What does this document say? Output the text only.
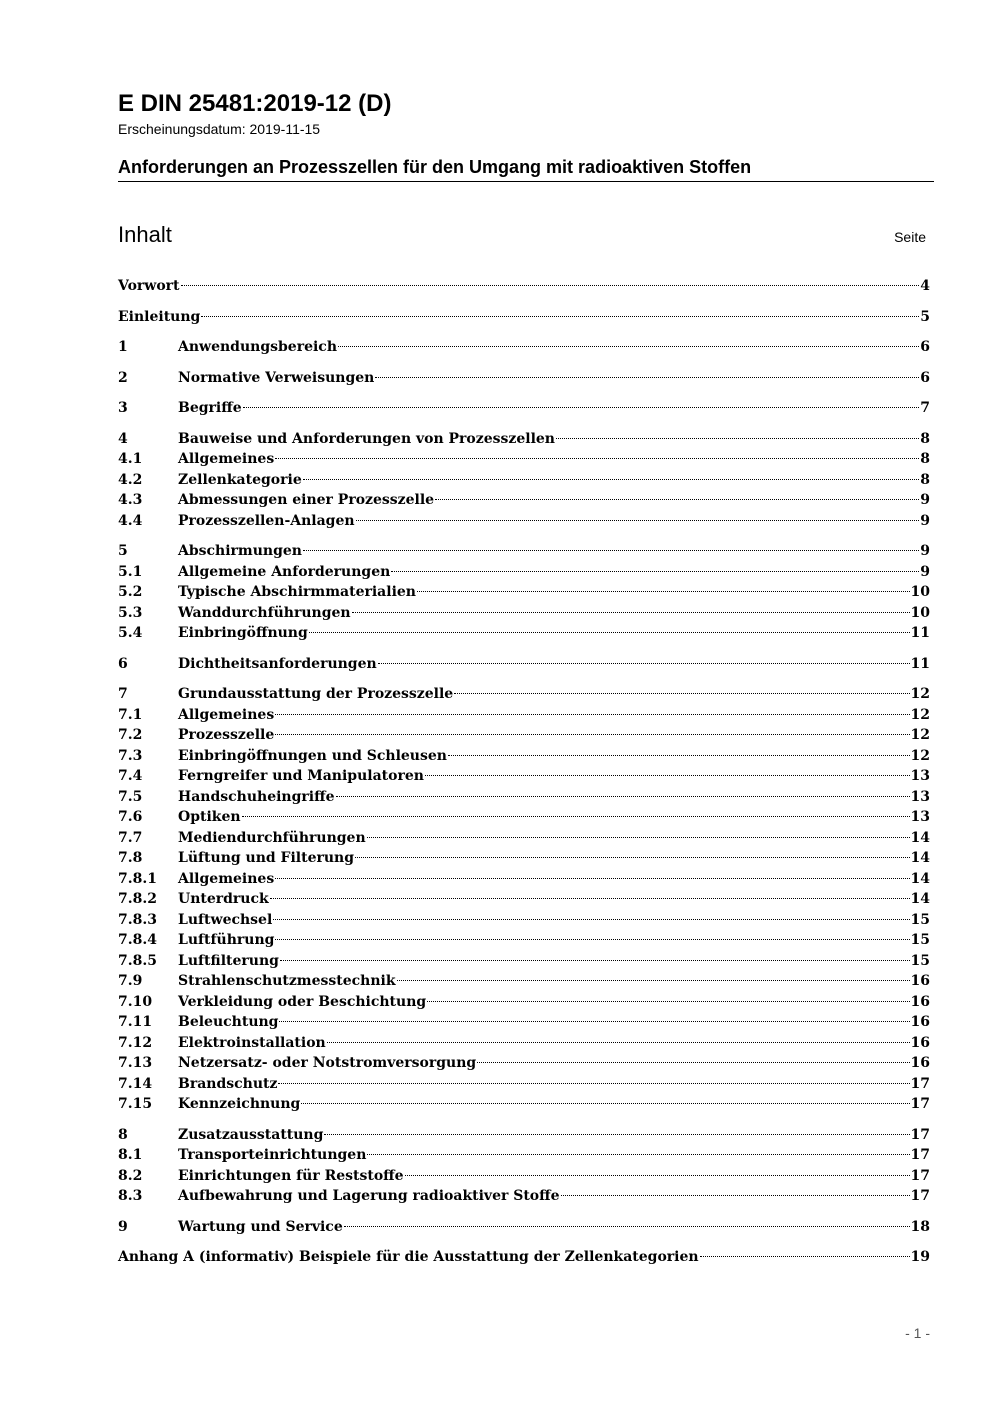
E DIN 25481:2019-12 (D)
Erscheinungsdatum: 2019-11-15
Anforderungen an Prozesszellen für den Umgang mit radioaktiven Stoffen
Inhalt	Seite
Vorwort	4
Einleitung	5
1	Anwendungsbereich	6
2	Normative Verweisungen	6
3	Begriffe	7
4	Bauweise und Anforderungen von Prozesszellen	8
4.1	Allgemeines	8
4.2	Zellenkategorie	8
4.3	Abmessungen einer Prozesszelle	9
4.4	Prozesszellen-Anlagen	9
5	Abschirmungen	9
5.1	Allgemeine Anforderungen	9
5.2	Typische Abschirmmaterialien	10
5.3	Wanddurchführungen	10
5.4	Einbringöffnung	11
6	Dichtheitsanforderungen	11
7	Grundausstattung der Prozesszelle	12
7.1	Allgemeines	12
7.2	Prozesszelle	12
7.3	Einbringöffnungen und Schleusen	12
7.4	Ferngreifer und Manipulatoren	13
7.5	Handschuheingriffe	13
7.6	Optiken	13
7.7	Mediendurchführungen	14
7.8	Lüftung und Filterung	14
7.8.1	Allgemeines	14
7.8.2	Unterdruck	14
7.8.3	Luftwechsel	15
7.8.4	Luftführung	15
7.8.5	Luftfilterung	15
7.9	Strahlenschutzmesstechnik	16
7.10	Verkleidung oder Beschichtung	16
7.11	Beleuchtung	16
7.12	Elektroinstallation	16
7.13	Netzersatz- oder Notstromversorgung	16
7.14	Brandschutz	17
7.15	Kennzeichnung	17
8	Zusatzausstattung	17
8.1	Transporteinrichtungen	17
8.2	Einrichtungen für Reststoffe	17
8.3	Aufbewahrung und Lagerung radioaktiver Stoffe	17
9	Wartung und Service	18
Anhang A (informativ) Beispiele für die Ausstattung der Zellenkategorien	19
- 1 -
